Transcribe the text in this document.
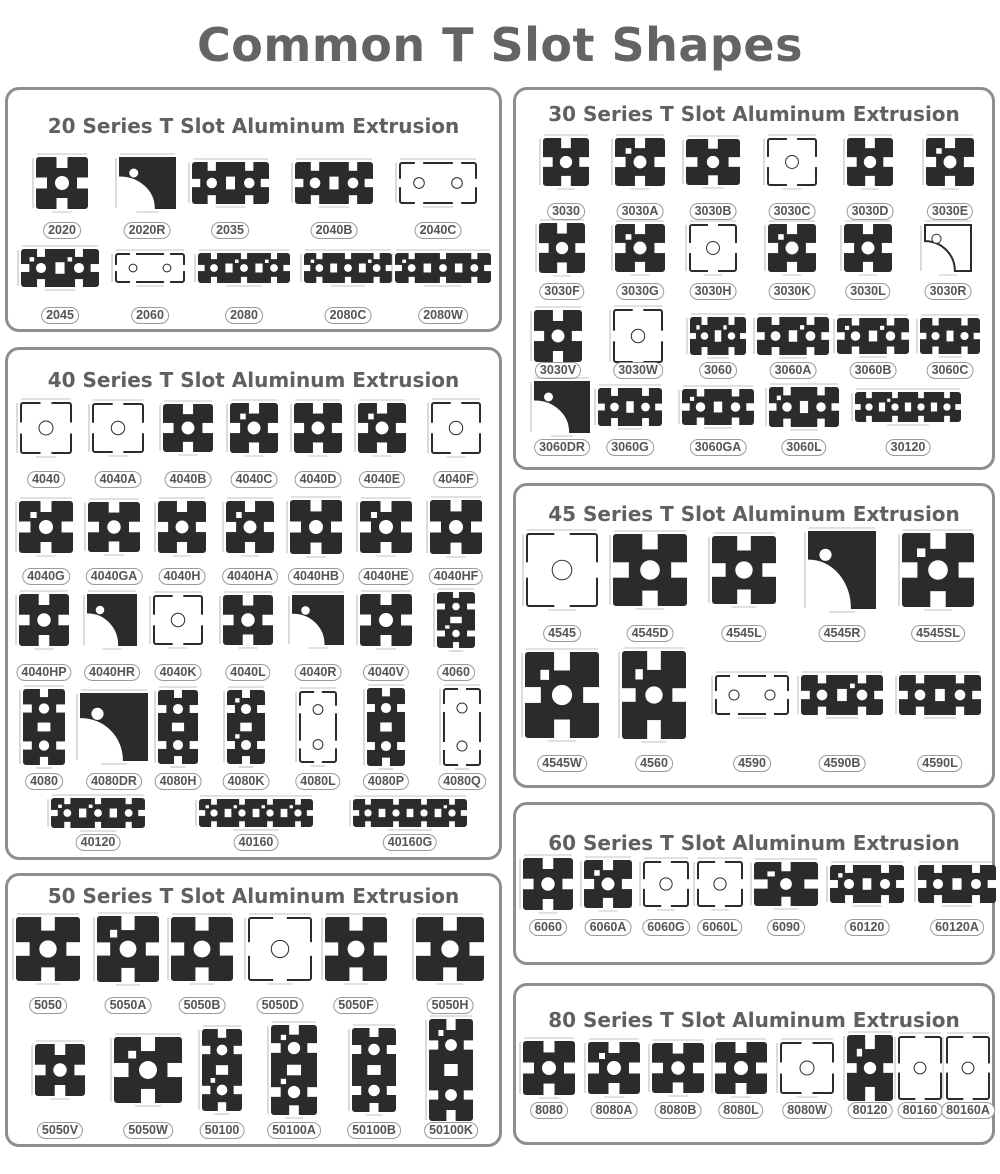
Common T Slot Shapes
20 Series T Slot Aluminum Extrusion	30 Series T Slot Aluminum Extrusion
40 Series T Slot Aluminum Extrusion
45 Series T Slot Aluminum Extrusion
50 Series T Slot Aluminum Extrusion
60 Series T Slot Aluminum Extrusion
80 Series T Slot Aluminum Extrusion
2020	2020R	2035	2040B	2040C
2045	2060	2080	2080C	2080W
3030	3030A	3030B	3030C	3030D	3030E
3030F	3030G	3030H	3030K	3030L	3030R
3030V	3030W	3060	3060A	3060B	3060C
3060DR	3060G	3060GA	3060L	30120
4040	4040A	4040B	4040C	4040D	4040E	4040F
4040G	4040GA	4040H	4040HA	4040HB	4040HE	4040HF
4040HP	4040HR	4040K	4040L	4040R	4040V	4060
4080	4080DR	4080H	4080K	4080L	4080P	4080Q
40120	40160	40160G
4545	4545D	4545L	4545R	4545SL
4545W	4560	4590	4590B	4590L
5050	5050A	5050B	5050D	5050F	5050H
5050V	5050W	50100	50100A	50100B	50100K
6060	6060A	6060G	6060L	6090	60120	60120A
8080	8080A	8080B	8080L	8080W	80120	80160 80160A
